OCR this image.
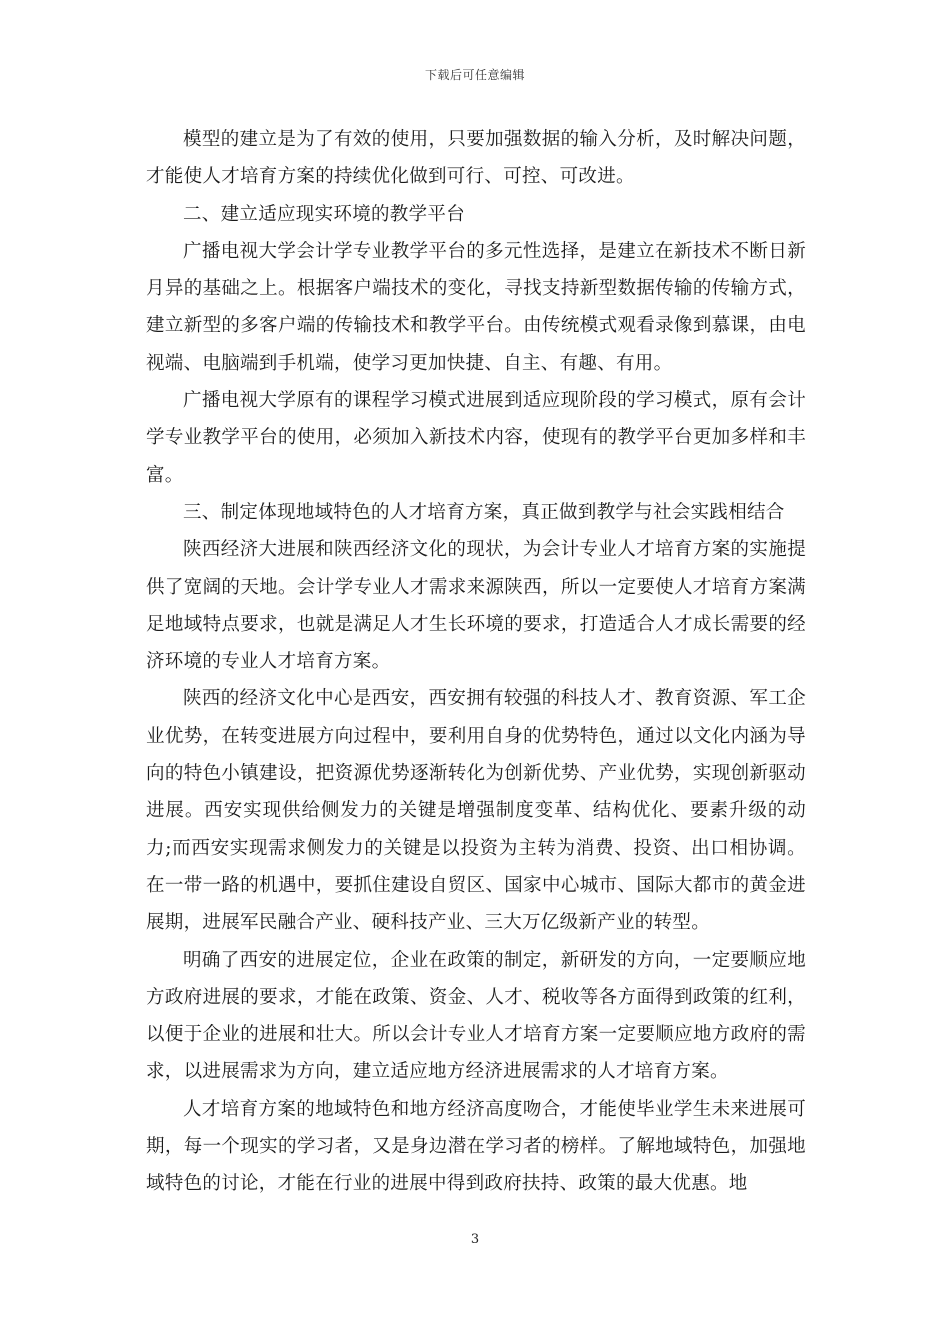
下载后可任意编辑

模型的建立是为了有效的使用，只要加强数据的输入分析，及时解决问题，才能使人才培育方案的持续优化做到可行、可控、可改进。

二、建立适应现实环境的教学平台

广播电视大学会计学专业教学平台的多元性选择，是建立在新技术不断日新月异的基础之上。根据客户端技术的变化，寻找支持新型数据传输的传输方式，建立新型的多客户端的传输技术和教学平台。由传统模式观看录像到慕课，由电视端、电脑端到手机端，使学习更加快捷、自主、有趣、有用。

广播电视大学原有的课程学习模式进展到适应现阶段的学习模式，原有会计学专业教学平台的使用，必须加入新技术内容，使现有的教学平台更加多样和丰富。

三、制定体现地域特色的人才培育方案，真正做到教学与社会实践相结合

陕西经济大进展和陕西经济文化的现状，为会计专业人才培育方案的实施提供了宽阔的天地。会计学专业人才需求来源陕西，所以一定要使人才培育方案满足地域特点要求，也就是满足人才生长环境的要求，打造适合人才成长需要的经济环境的专业人才培育方案。

陕西的经济文化中心是西安，西安拥有较强的科技人才、教育资源、军工企业优势，在转变进展方向过程中，要利用自身的优势特色，通过以文化内涵为导向的特色小镇建设，把资源优势逐渐转化为创新优势、产业优势，实现创新驱动进展。西安实现供给侧发力的关键是增强制度变革、结构优化、要素升级的动力;而西安实现需求侧发力的关键是以投资为主转为消费、投资、出口相协调。在一带一路的机遇中，要抓住建设自贸区、国家中心城市、国际大都市的黄金进展期，进展军民融合产业、硬科技产业、三大万亿级新产业的转型。

明确了西安的进展定位，企业在政策的制定，新研发的方向，一定要顺应地方政府进展的要求，才能在政策、资金、人才、税收等各方面得到政策的红利，以便于企业的进展和壮大。所以会计专业人才培育方案一定要顺应地方政府的需求，以进展需求为方向，建立适应地方经济进展需求的人才培育方案。

人才培育方案的地域特色和地方经济高度吻合，才能使毕业学生未来进展可期，每一个现实的学习者，又是身边潜在学习者的榜样。了解地域特色，加强地域特色的讨论，才能在行业的进展中得到政府扶持、政策的最大优惠。地

3
